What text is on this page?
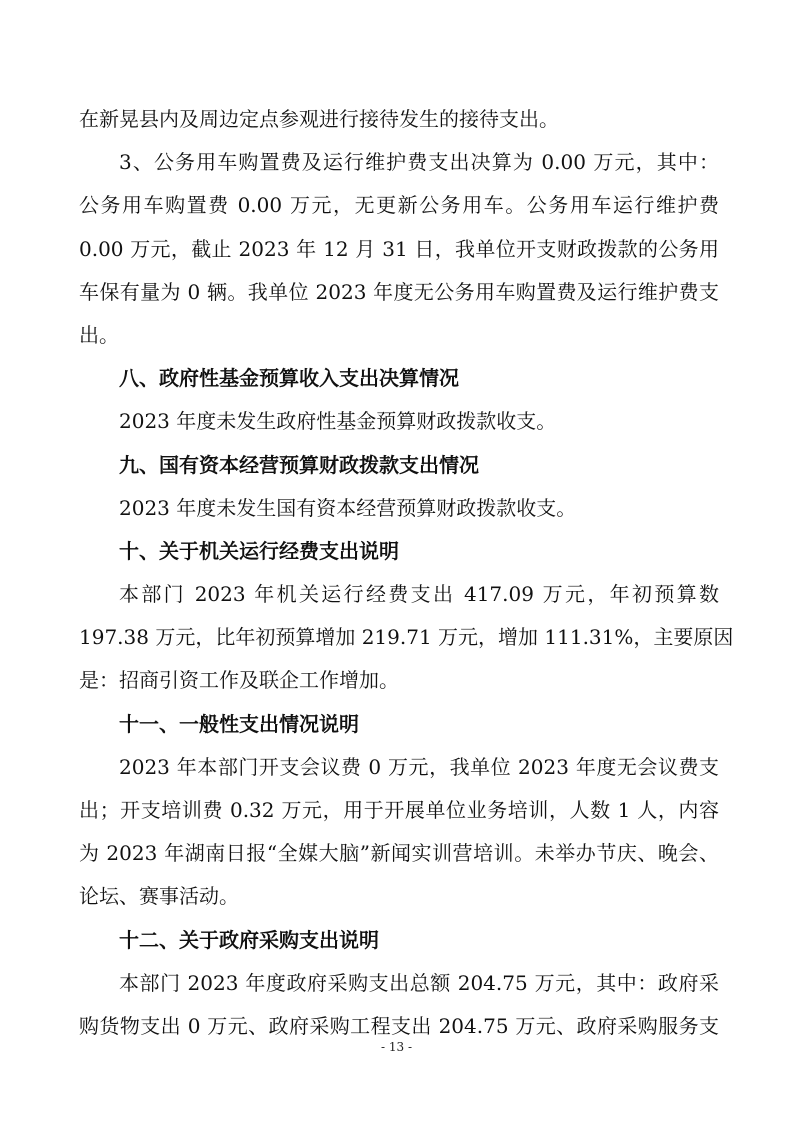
在新晃县内及周边定点参观进行接待发生的接待支出。
3、公务用车购置费及运行维护费支出决算为 0.00 万元，其中：
公务用车购置费 0.00 万元，无更新公务用车。公务用车运行维护费
0.00 万元，截止 2023 年 12 月 31 日，我单位开支财政拨款的公务用
车保有量为 0 辆。我单位 2023 年度无公务用车购置费及运行维护费支
出。
八、政府性基金预算收入支出决算情况
2023 年度未发生政府性基金预算财政拨款收支。
九、国有资本经营预算财政拨款支出情况
2023 年度未发生国有资本经营预算财政拨款收支。
十、关于机关运行经费支出说明
本部门 2023 年机关运行经费支出 417.09 万元，年初预算数
197.38 万元，比年初预算增加 219.71 万元，增加 111.31%，主要原因
是：招商引资工作及联企工作增加。
十一、一般性支出情况说明
2023 年本部门开支会议费 0 万元，我单位 2023 年度无会议费支
出；开支培训费 0.32 万元，用于开展单位业务培训，人数 1 人，内容
为 2023 年湖南日报“全媒大脑”新闻实训营培训。未举办节庆、晚会、
论坛、赛事活动。
十二、关于政府采购支出说明
本部门 2023 年度政府采购支出总额 204.75 万元，其中：政府采
购货物支出 0 万元、政府采购工程支出 204.75 万元、政府采购服务支
- 13 -
